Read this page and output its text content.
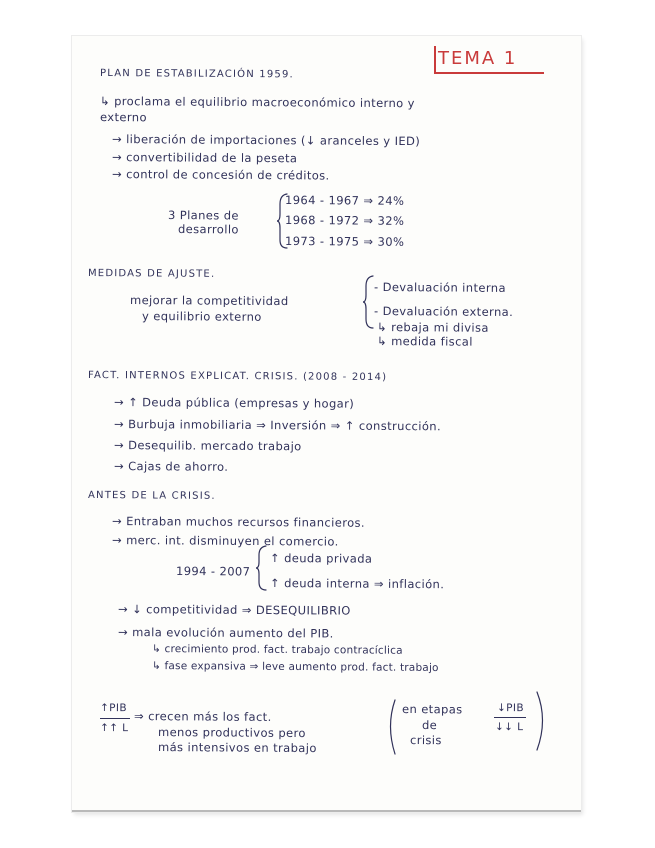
TEMA 1
PLAN DE ESTABILIZACIÓN 1959.
↳ proclama el equilibrio macroeconómico interno y
externo
→ liberación de importaciones (↓ aranceles y IED)
→ convertibilidad de la peseta
→ control de concesión de créditos.
3 Planes de
desarrollo
1964 - 1967 ⇒ 24%
1968 - 1972 ⇒ 32%
1973 - 1975 ⇒ 30%
MEDIDAS DE AJUSTE.
mejorar la competitividad
y equilibrio externo
- Devaluación interna
- Devaluación externa.
↳ rebaja mi divisa
↳ medida fiscal
FACT. INTERNOS EXPLICAT. CRISIS. (2008 - 2014)
→ ↑ Deuda pública (empresas y hogar)
→ Burbuja inmobiliaria ⇒ Inversión ⇒ ↑ construcción.
→ Desequilib. mercado trabajo
→ Cajas de ahorro.
ANTES DE LA CRISIS.
→ Entraban muchos recursos financieros.
→ merc. int. disminuyen el comercio.
1994 - 2007
↑ deuda privada
↑ deuda interna ⇒ inflación.
→ ↓ competitividad ⇒ DESEQUILIBRIO
→ mala evolución aumento del PIB.
↳ crecimiento prod. fact. trabajo contracíclica
↳ fase expansiva ⇒ leve aumento prod. fact. trabajo
↑PIB
↑↑ L
⇒ crecen más los fact.
menos productivos pero
más intensivos en trabajo
en etapas
de
crisis
↓PIB
↓↓ L
